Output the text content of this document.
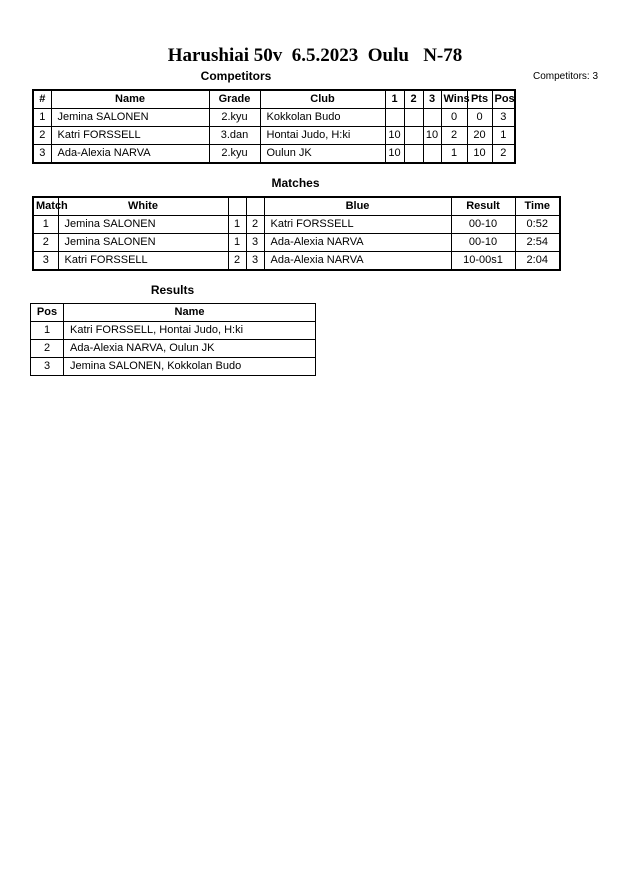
Harushiai 50v  6.5.2023  Oulu   N-78
Competitors	Competitors: 3
#	Name	Grade	Club	1	2	3	Wins	Pts	Pos
1	Jemina SALONEN	2.kyu	Kokkolan Budo				0	0	3
2	Katri FORSSELL	3.dan	Hontai Judo, H:ki	10		10	2	20	1
3	Ada-Alexia NARVA	2.kyu	Oulun JK	10			1	10	2
Matches
Match	White			Blue	Result	Time
1	Jemina SALONEN	1	2	Katri FORSSELL	00-10	0:52
2	Jemina SALONEN	1	3	Ada-Alexia NARVA	00-10	2:54
3	Katri FORSSELL	2	3	Ada-Alexia NARVA	10-00s1	2:04
Results
Pos	Name
1	Katri FORSSELL, Hontai Judo, H:ki
2	Ada-Alexia NARVA, Oulun JK
3	Jemina SALONEN, Kokkolan Budo
